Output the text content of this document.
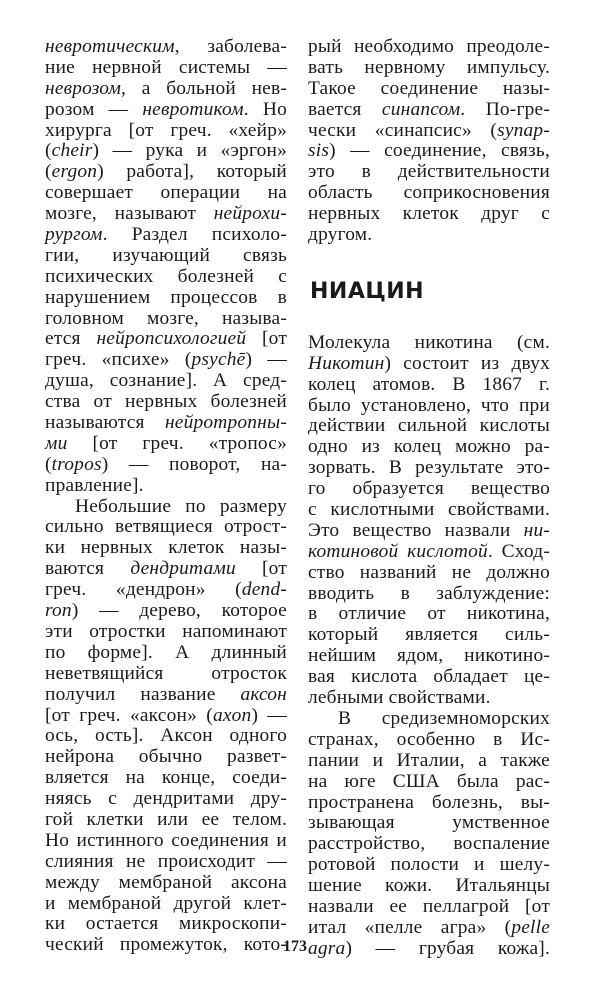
невротическим, заболева-
ние нервной системы —
неврозом, а больной нев-
розом — невротиком. Но
хирурга [от греч. «хейр»
(cheir) — рука и «эргон»
(ergon) работа], который
совершает операции на
мозге, называют нейрохи-
рургом. Раздел психоло-
гии, изучающий связь
психических болезней с
нарушением процессов в
головном мозге, называ-
ется нейропсихологией [от
греч. «психе» (psychē) —
душа, сознание]. А сред-
ства от нервных болезней
называются нейротропны-
ми [от греч. «тропос»
(tropos) — поворот, на-
правление].
Небольшие по размеру
сильно ветвящиеся отрост-
ки нервных клеток назы-
ваются дендритами [от
греч. «дендрон» (dend-
ron) — дерево, которое
эти отростки напоминают
по форме]. А длинный
неветвящийся отросток
получил название аксон
[от греч. «аксон» (axon) —
ось, ость]. Аксон одного
нейрона обычно развет-
вляется на конце, соеди-
няясь с дендритами дру-
гой клетки или ее телом.
Но истинного соединения и
слияния не происходит —
между мембраной аксона
и мембраной другой клет-
ки остается микроскопи-
ческий промежуток, кото-
рый необходимо преодоле-
вать нервному импульсу.
Такое соединение назы-
вается синапсом. По-гре-
чески «синапсис» (synap-
sis) — соединение, связь,
это в действительности
область соприкосновения
нервных клеток друг с
другом.
НИАЦИН
Молекула никотина (см.
Никотин) состоит из двух
колец атомов. В 1867 г.
было установлено, что при
действии сильной кислоты
одно из колец можно ра-
зорвать. В результате это-
го образуется вещество
с кислотными свойствами.
Это вещество назвали ни-
котиновой кислотой. Сход-
ство названий не должно
вводить в заблуждение:
в отличие от никотина,
который является силь-
нейшим ядом, никотино-
вая кислота обладает це-
лебными свойствами.
В средиземноморских
странах, особенно в Ис-
пании и Италии, а также
на юге США была рас-
пространена болезнь, вы-
зывающая умственное
расстройство, воспаление
ротовой полости и шелу-
шение кожи. Итальянцы
назвали ее пеллагрой [от
итал «пелле агра» (pelle
agra) — грубая кожа].
173
